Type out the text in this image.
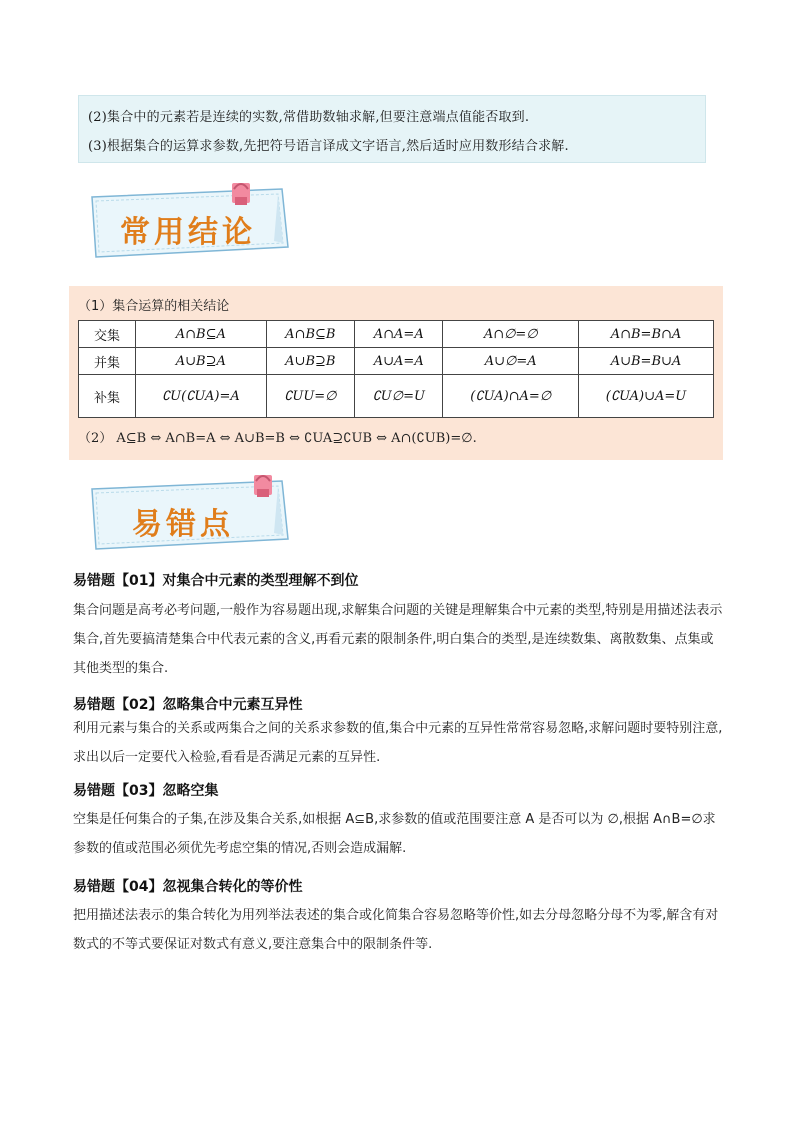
(2)集合中的元素若是连续的实数,常借助数轴求解,但要注意端点值能否取到.
(3)根据集合的运算求参数,先把符号语言译成文字语言,然后适时应用数形结合求解.
常用结论
（1）集合运算的相关结论
（2） A⊆B ⇔ A∩B=A ⇔ A∪B=B ⇔ ∁UA⊇∁UB ⇔ A∩(∁UB)=∅.
交集	A∩B⊆A	A∩B⊆B	A∩A=A	A∩∅=∅	A∩B=B∩A
并集	A∪B⊇A	A∪B⊇B	A∪A=A	A∪∅=A	A∪B=B∪A
补集	∁U(∁UA)=A	∁UU=∅	∁U∅=U	(∁UA)∩A=∅	(∁UA)∪A=U
易错点
易错题【01】对集合中元素的类型理解不到位
集合问题是高考必考问题,一般作为容易题出现,求解集合问题的关键是理解集合中元素的类型,特别是用描述法表示集合,首先要搞清楚集合中代表元素的含义,再看元素的限制条件,明白集合的类型,是连续数集、离散数集、点集或其他类型的集合.
易错题【02】忽略集合中元素互异性
利用元素与集合的关系或两集合之间的关系求参数的值,集合中元素的互异性常常容易忽略,求解问题时要特别注意,求出以后一定要代入检验,看看是否满足元素的互异性.
易错题【03】忽略空集
空集是任何集合的子集,在涉及集合关系,如根据 A⊆B,求参数的值或范围要注意 A 是否可以为 ∅,根据 A∩B=∅求参数的值或范围必须优先考虑空集的情况,否则会造成漏解.
易错题【04】忽视集合转化的等价性
把用描述法表示的集合转化为用列举法表述的集合或化简集合容易忽略等价性,如去分母忽略分母不为零,解含有对数式的不等式要保证对数式有意义,要注意集合中的限制条件等.
